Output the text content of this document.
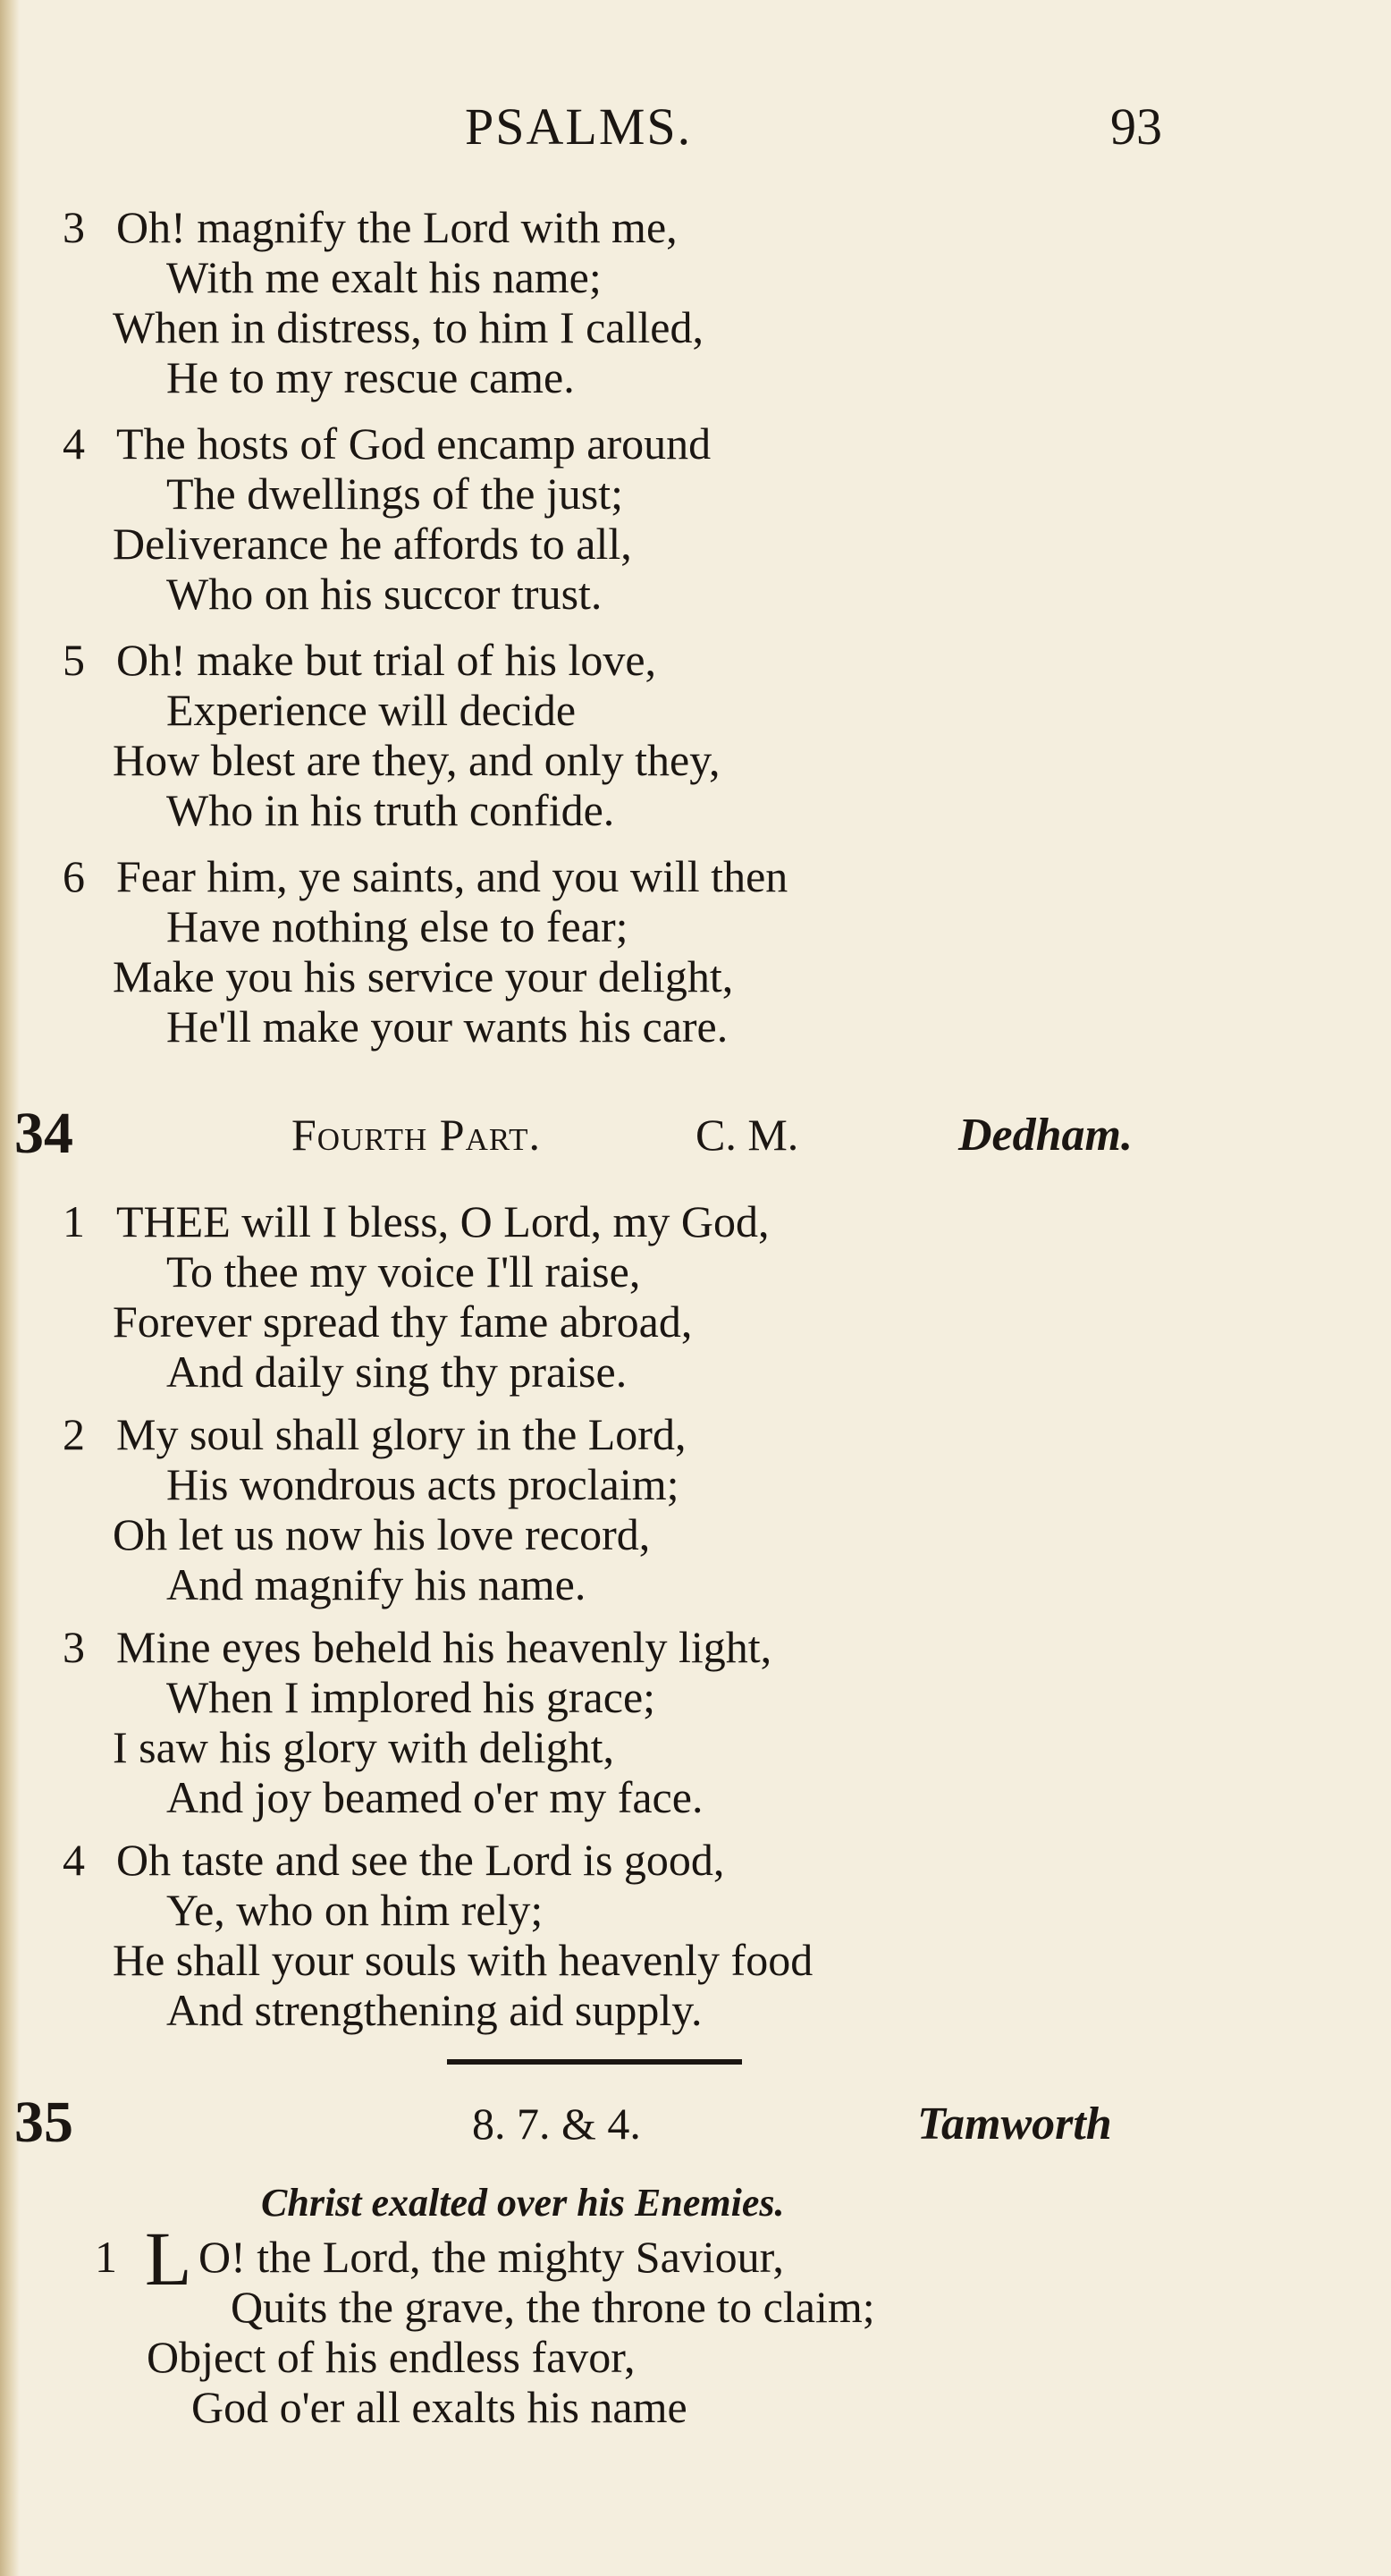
PSALMS.	93
3 Oh! magnify the Lord with me,
With me exalt his name;
When in distress, to him I called,
He to my rescue came.
4 The hosts of God encamp around
The dwellings of the just;
Deliverance he affords to all,
Who on his succor trust.
5 Oh! make but trial of his love,
Experience will decide
How blest are they, and only they,
Who in his truth confide.
6 Fear him, ye saints, and you will then
Have nothing else to fear;
Make you his service your delight,
He'll make your wants his care.
34	Fourth Part.	C. M.	Dedham.
1 THEE will I bless, O Lord, my God,
To thee my voice I'll raise,
Forever spread thy fame abroad,
And daily sing thy praise.
2 My soul shall glory in the Lord,
His wondrous acts proclaim;
Oh let us now his love record,
And magnify his name.
3 Mine eyes beheld his heavenly light,
When I implored his grace;
I saw his glory with delight,
And joy beamed o'er my face.
4 Oh taste and see the Lord is good,
Ye, who on him rely;
He shall your souls with heavenly food
And strengthening aid supply.
35	8. 7. & 4.	Tamworth
Christ exalted over his Enemies.
1 O! the Lord, the mighty Saviour,
Quits the grave, the throne to claim;
Object of his endless favor,
God o'er all exalts his name
L
